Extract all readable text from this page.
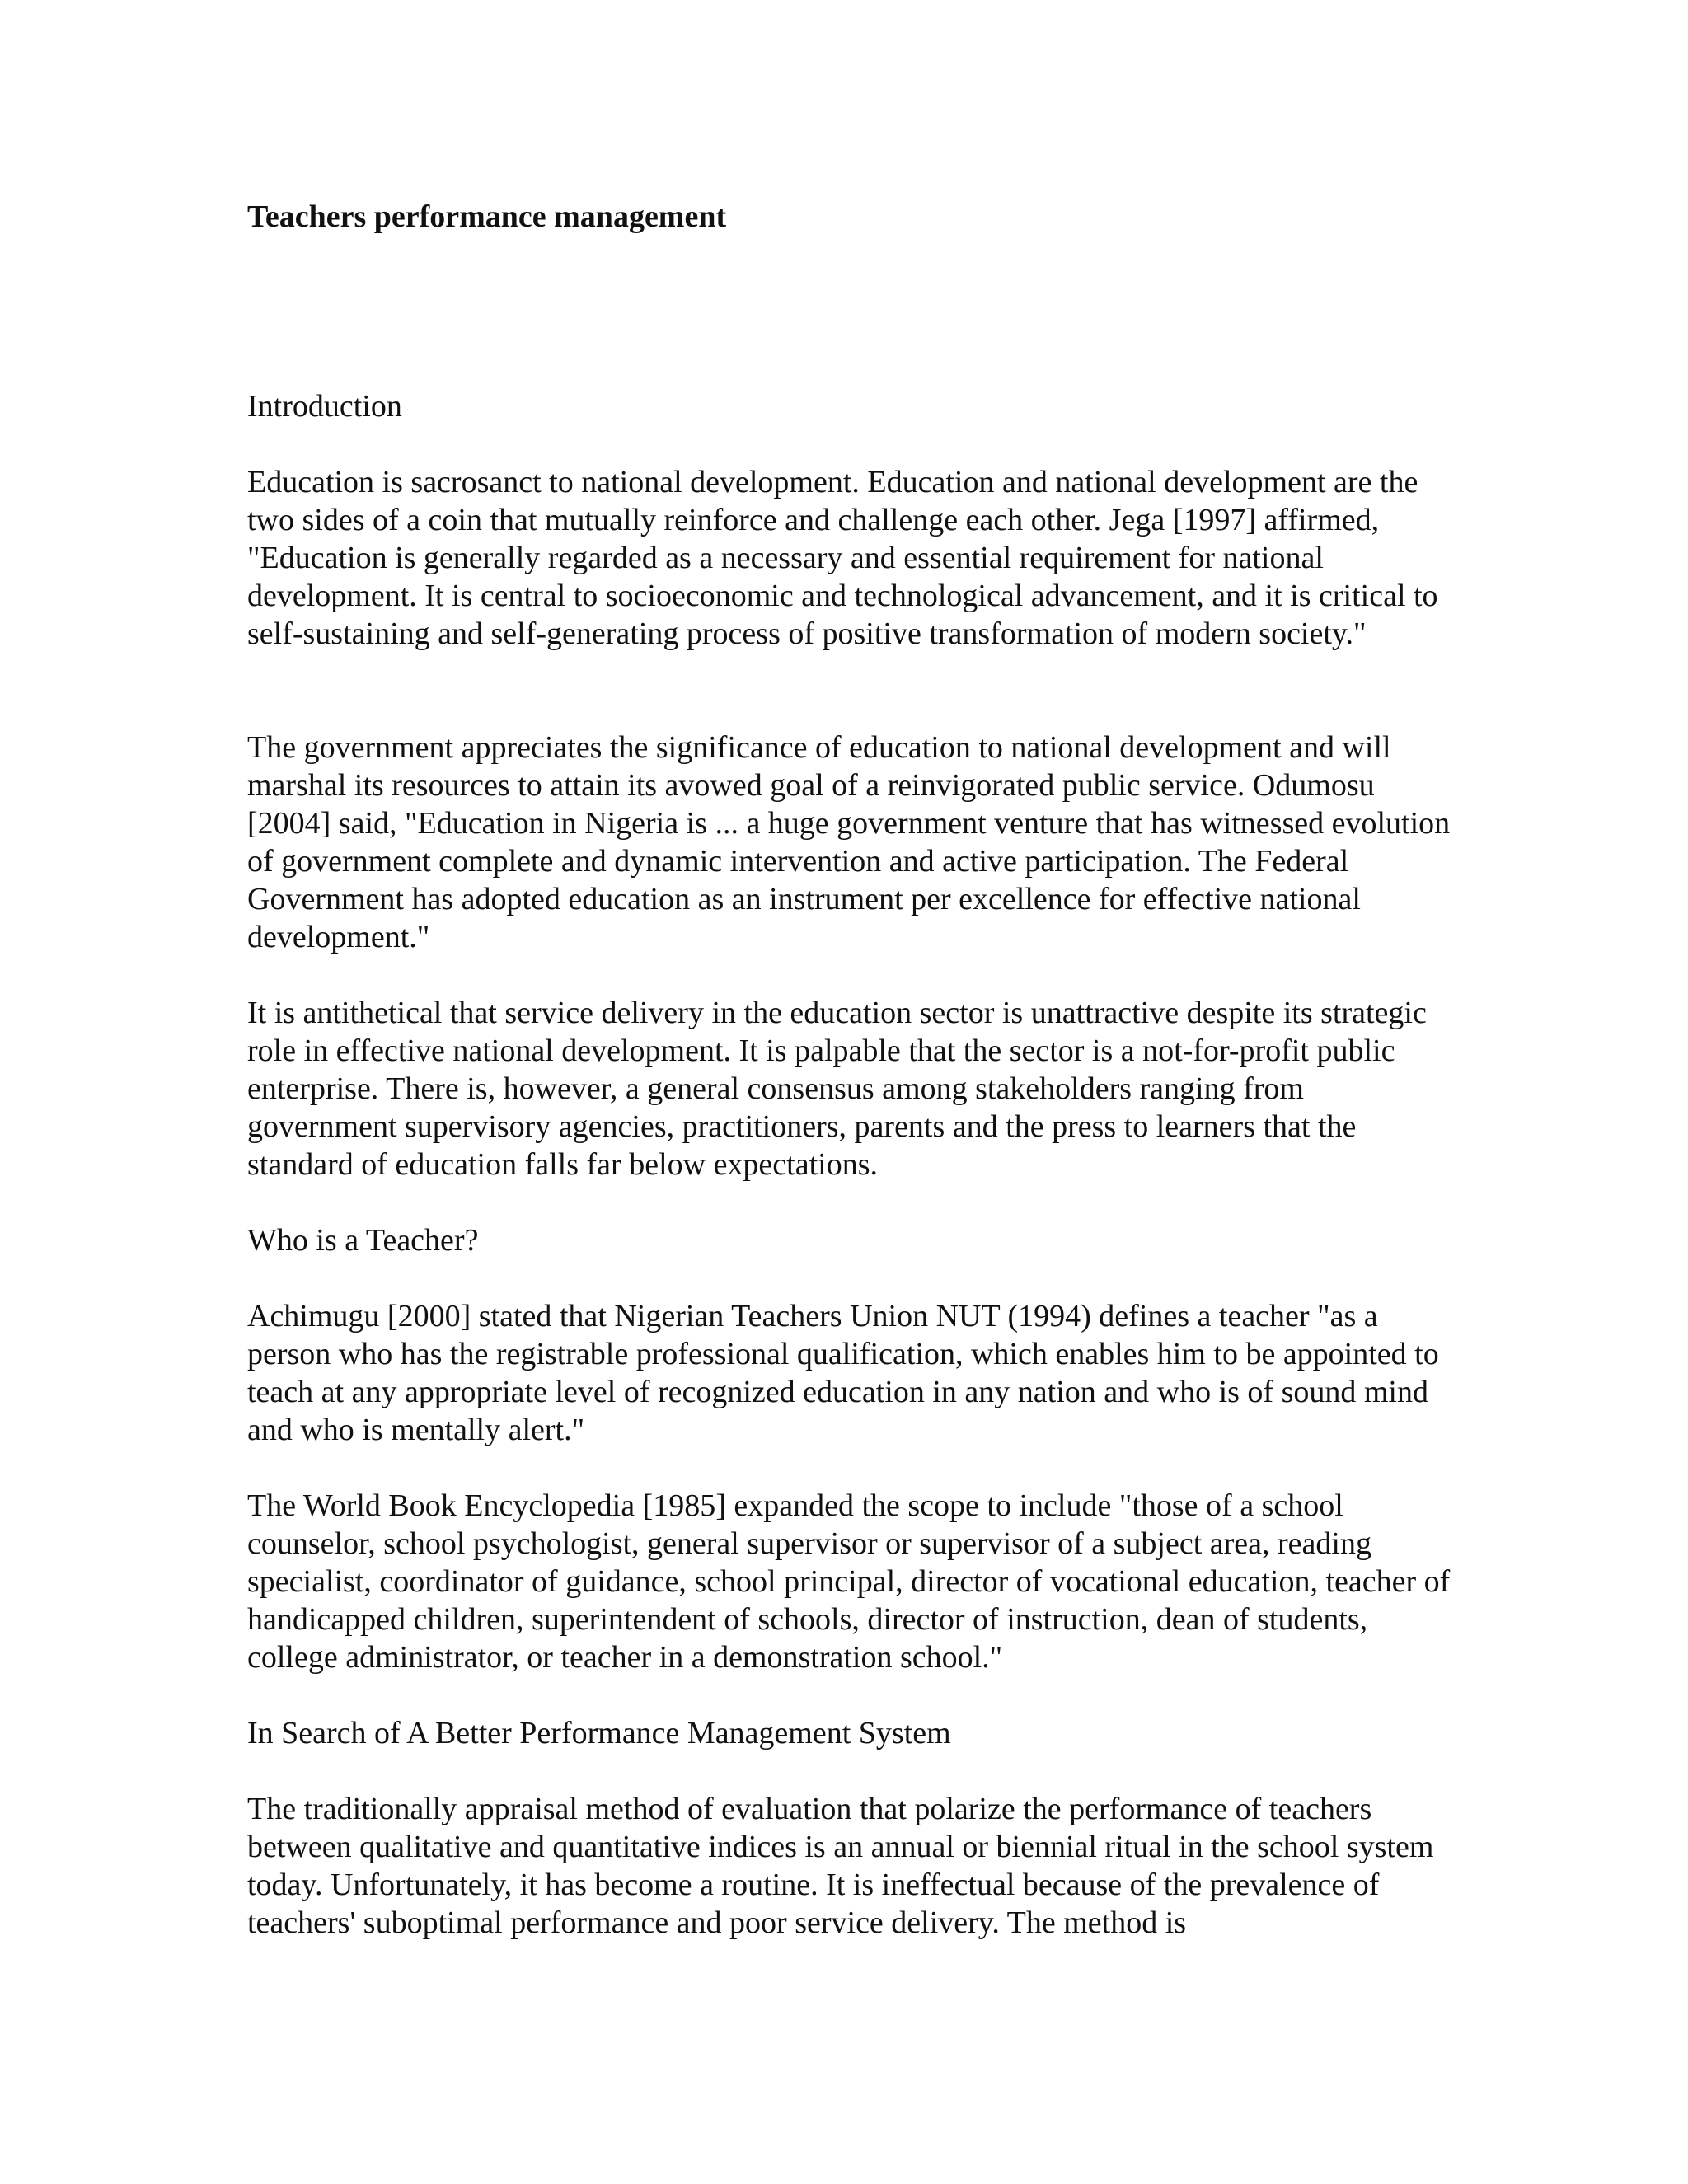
Teachers performance management
Introduction

Education is sacrosanct to national development. Education and national development are the two sides of a coin that mutually reinforce and challenge each other. Jega [1997] affirmed, "Education is generally regarded as a necessary and essential requirement for national development. It is central to socioeconomic and technological advancement, and it is critical to self-sustaining and self-generating process of positive transformation of modern society."

The government appreciates the significance of education to national development and will marshal its resources to attain its avowed goal of a reinvigorated public service. Odumosu [2004] said, "Education in Nigeria is ... a huge government venture that has witnessed evolution of government complete and dynamic intervention and active participation. The Federal Government has adopted education as an instrument per excellence for effective national development."

It is antithetical that service delivery in the education sector is unattractive despite its strategic role in effective national development. It is palpable that the sector is a not-for-profit public enterprise. There is, however, a general consensus among stakeholders ranging from government supervisory agencies, practitioners, parents and the press to learners that the standard of education falls far below expectations.

Who is a Teacher?

Achimugu [2000] stated that Nigerian Teachers Union NUT (1994) defines a teacher "as a person who has the registrable professional qualification, which enables him to be appointed to teach at any appropriate level of recognized education in any nation and who is of sound mind and who is mentally alert."

The World Book Encyclopedia [1985] expanded the scope to include "those of a school counselor, school psychologist, general supervisor or supervisor of a subject area, reading specialist, coordinator of guidance, school principal, director of vocational education, teacher of handicapped children, superintendent of schools, director of instruction, dean of students, college administrator, or teacher in a demonstration school."

In Search of A Better Performance Management System

The traditionally appraisal method of evaluation that polarize the performance of teachers between qualitative and quantitative indices is an annual or biennial ritual in the school system today. Unfortunately, it has become a routine. It is ineffectual because of the prevalence of teachers' suboptimal performance and poor service delivery. The method is
